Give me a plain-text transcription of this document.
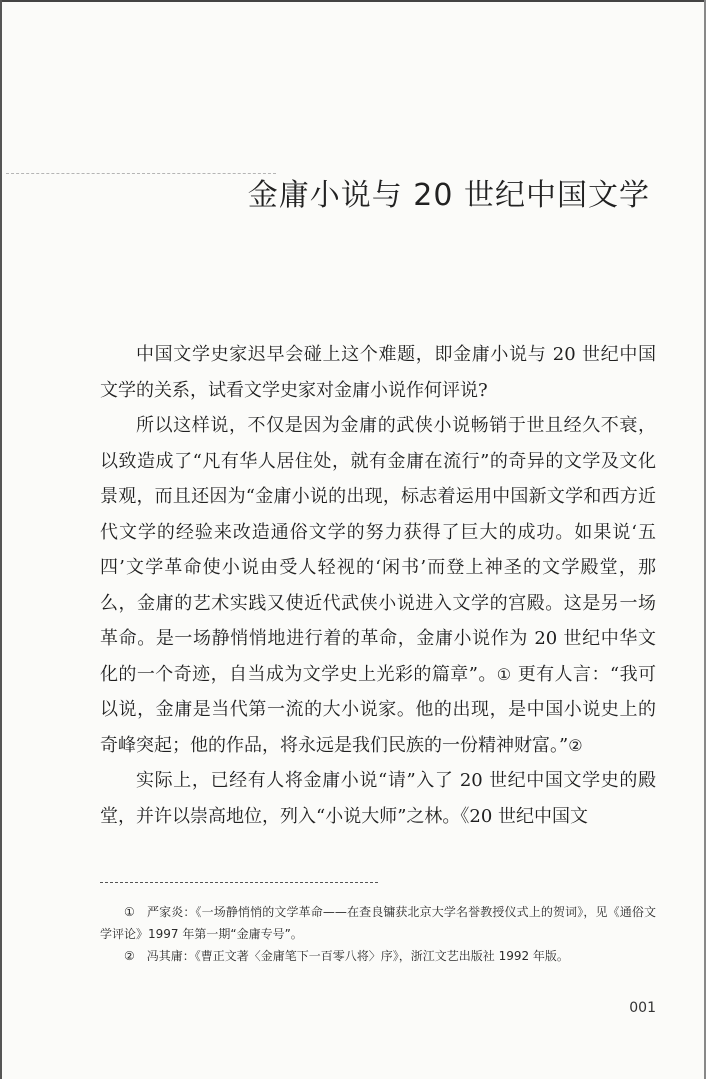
金庸小说与 20 世纪中国文学

中国文学史家迟早会碰上这个难题，即金庸小说与 20 世纪中国文学的关系，试看文学史家对金庸小说作何评说?

所以这样说，不仅是因为金庸的武侠小说畅销于世且经久不衰，以致造成了“凡有华人居住处，就有金庸在流行”的奇异的文学及文化景观，而且还因为“金庸小说的出现，标志着运用中国新文学和西方近代文学的经验来改造通俗文学的努力获得了巨大的成功。如果说‘五四’文学革命使小说由受人轻视的‘闲书’而登上神圣的文学殿堂，那么，金庸的艺术实践又使近代武侠小说进入文学的宫殿。这是另一场革命。是一场静悄悄地进行着的革命，金庸小说作为 20 世纪中华文化的一个奇迹，自当成为文学史上光彩的篇章”。① 更有人言：“我可以说，金庸是当代第一流的大小说家。他的出现，是中国小说史上的奇峰突起；他的作品，将永远是我们民族的一份精神财富。”②

实际上，已经有人将金庸小说“请”入了 20 世纪中国文学史的殿堂，并许以崇高地位，列入“小说大师”之林。《20 世纪中国文

①　严家炎：《一场静悄悄的文学革命——在查良镛获北京大学名誉教授仪式上的贺词》，见《通俗文学评论》1997 年第一期“金庸专号”。

②　冯其庸：《曹正文著〈金庸笔下一百零八将〉序》，浙江文艺出版社 1992 年版。

001
